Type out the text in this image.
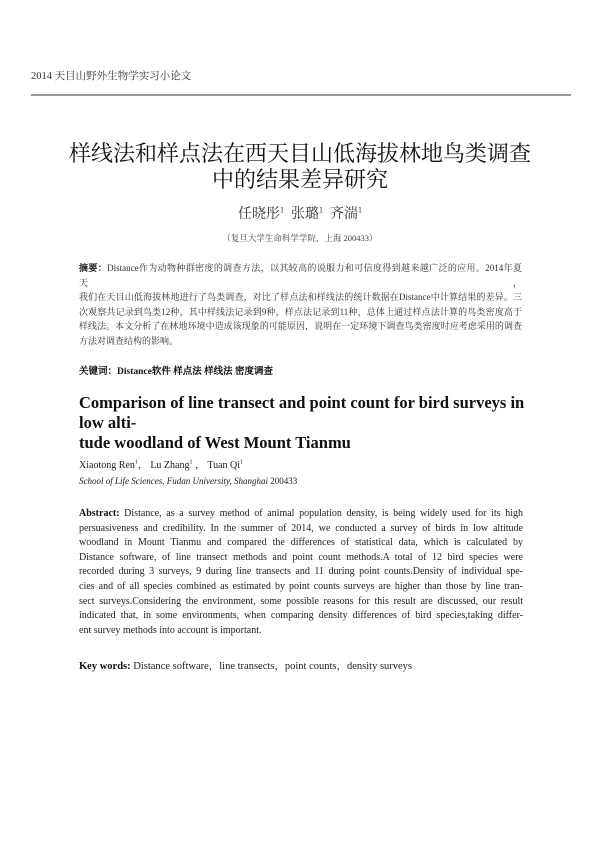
2014 天目山野外生物学实习小论文
样线法和样点法在西天目山低海拔林地鸟类调查
中的结果差异研究
任晓彤$^1$ 张璐$^1$ 齐湍$^1$
（复旦大学生命科学学院，上海 200433）
摘要：Distance作为动物种群密度的调查方法，以其较高的说服力和可信度得到越来越广泛的应用。2014年夏天，
我们在天目山低海拔林地进行了鸟类调查，对比了样点法和样线法的统计数据在Distance中计算结果的差异。三
次观察共记录到鸟类12种，其中样线法记录到9种，样点法记录到11种，总体上通过样点法计算的鸟类密度高于
样线法。本文分析了在林地环境中造成该现象的可能原因，说明在一定环境下调查鸟类密度时应考虑采用的调查
方法对调查结构的影响。
关键词：Distance软件 样点法 样线法 密度调查
Comparison of line transect and point count for bird surveys in low alti-
tude woodland of West Mount Tianmu
Xiaotong Ren$^1$， Lu Zhang$^1$ ， Tuan Qi$^1$
School of Life Sciences, Fudan University, Shanghai 200433
Abstract: Distance, as a survey method of animal population density, is being widely used for its high
persuasiveness and credibility. In the summer of 2014, we conducted a survey of birds in low altitude
woodland in Mount Tianmu and compared the differences of statistical data, which is calculated by
Distance software, of line transect methods and point count methods.A total of 12 bird species were
recorded during 3 surveys, 9 during line transects and 11 during point counts.Density of individual spe-
cies and of all species combined as estimated by point counts surveys are higher than those by line tran-
sect surveys.Considering the environment, some possible reasons for this result are discussed, our result
indicated that, in some environments, when comparing density differences of bird species,taking differ-
ent survey methods into account is important.
Key words: Distance software，line transects，point counts，density surveys
